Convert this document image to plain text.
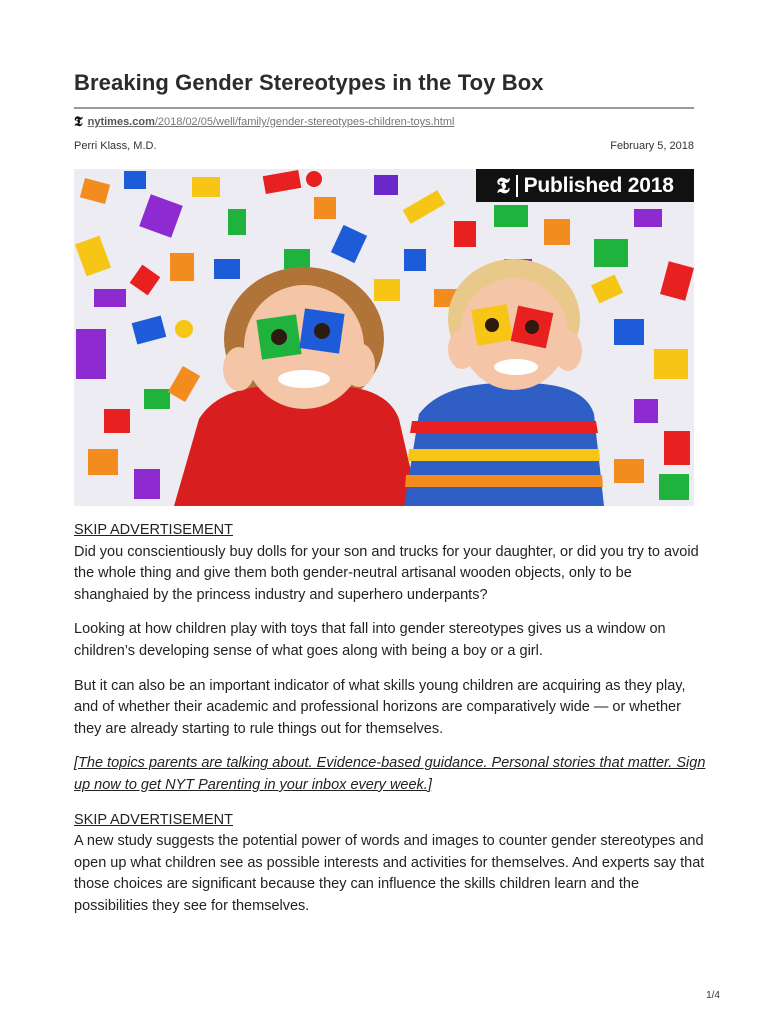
Breaking Gender Stereotypes in the Toy Box
𝕿 nytimes.com/2018/02/05/well/family/gender-stereotypes-children-toys.html
Perri Klass, M.D.	February 5, 2018
𝕿 Published 2018
SKIP ADVERTISEMENT

Did you conscientiously buy dolls for your son and trucks for your daughter, or did you try to avoid the whole thing and give them both gender-neutral artisanal wooden objects, only to be shanghaied by the princess industry and superhero underpants?

Looking at how children play with toys that fall into gender stereotypes gives us a window on children’s developing sense of what goes along with being a boy or a girl.

But it can also be an important indicator of what skills young children are acquiring as they play, and of whether their academic and professional horizons are comparatively wide — or whether they are already starting to rule things out for themselves.

[The topics parents are talking about. Evidence-based guidance. Personal stories that matter. Sign up now to get NYT Parenting in your inbox every week.]

SKIP ADVERTISEMENT

A new study suggests the potential power of words and images to counter gender stereotypes and open up what children see as possible interests and activities for themselves. And experts say that those choices are significant because they can influence the skills children learn and the possibilities they see for themselves.

1/4
